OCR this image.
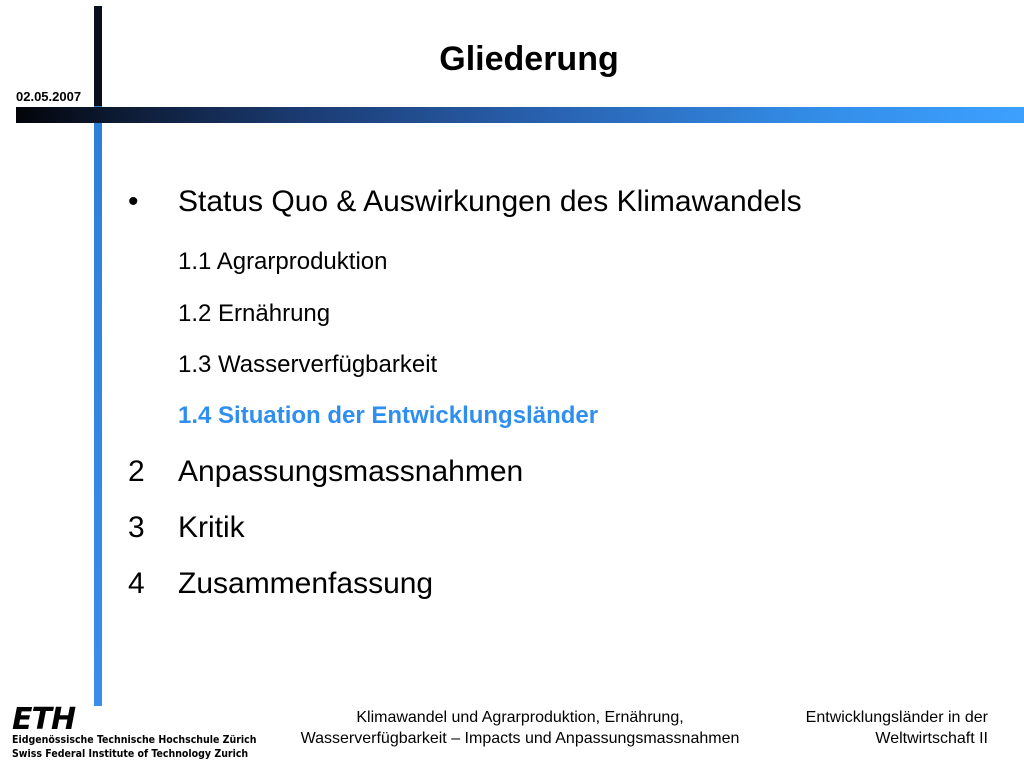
02.05.2007
Gliederung
•	Status Quo & Auswirkungen des Klimawandels
1.1 Agrarproduktion
1.2 Ernährung
1.3 Wasserverfügbarkeit
1.4 Situation der Entwicklungsländer
2	Anpassungsmassnahmen
3	Kritik
4	Zusammenfassung
ETH
Eidgenössische Technische Hochschule Zürich
Swiss Federal Institute of Technology Zurich
Klimawandel und Agrarproduktion, Ernährung,
Wasserverfügbarkeit – Impacts und Anpassungsmassnahmen
Entwicklungsländer in der
Weltwirtschaft II
